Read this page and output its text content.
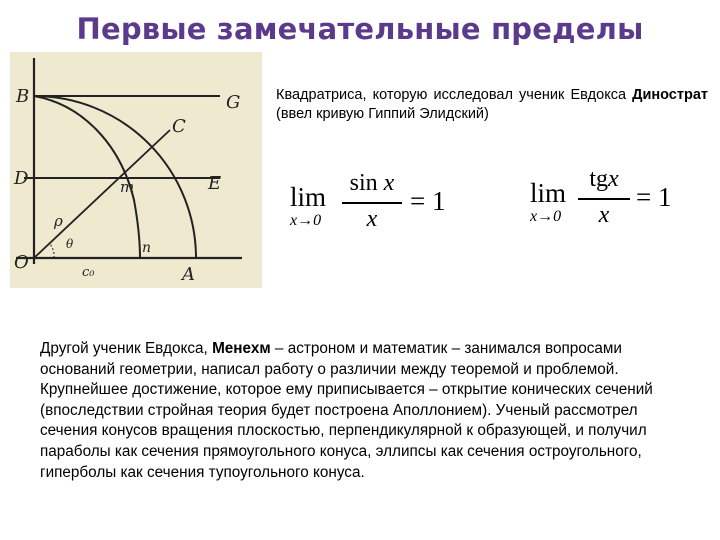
Первые замечательные пределы
B	G
C
D	E
m
ρ
θ
O
n
A
c₀
Квадратриса, которую исследовал ученик Евдокса Динострат (ввел кривую Гиппий Элидский)
lim
x→0
sin x
x
= 1	lim
x→0
tgx
x
= 1
Другой ученик Евдокса, Менехм – астроном и математик – занимался вопросами оснований геометрии, написал работу о различии между теоремой и проблемой. Крупнейшее достижение, которое ему приписывается – открытие конических сечений (впоследствии стройная теория будет построена Аполлонием). Ученый рассмотрел сечения конусов вращения плоскостью, перпендикулярной к образующей, и получил параболы как сечения прямоугольного конуса, эллипсы как сечения остроугольного, гиперболы как сечения тупоугольного конуса.
